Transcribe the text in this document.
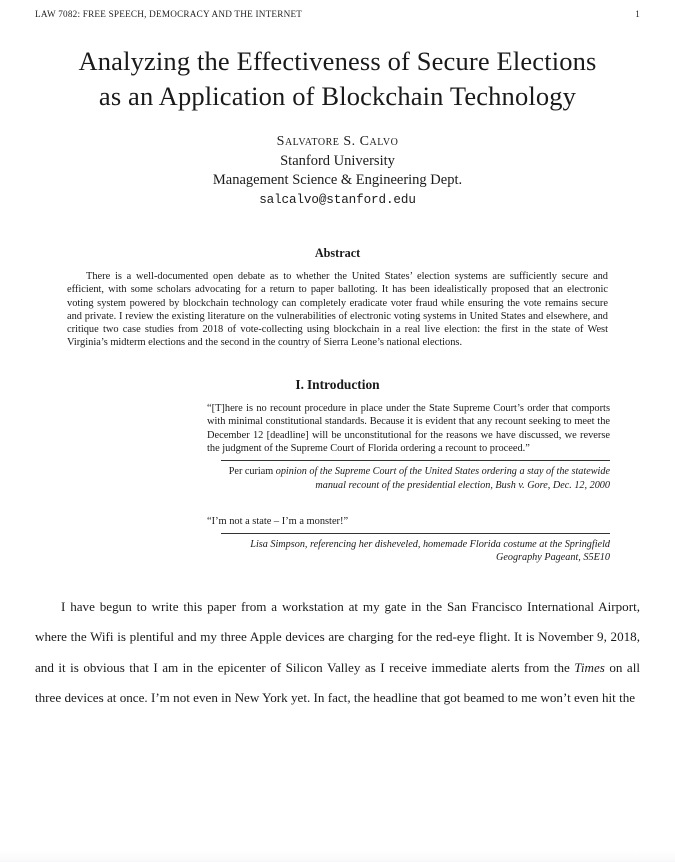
LAW 7082: FREE SPEECH, DEMOCRACY AND THE INTERNET	1
Analyzing the Effectiveness of Secure Elections
as an Application of Blockchain Technology
Salvatore S. Calvo
Stanford University
Management Science & Engineering Dept.
salcalvo@stanford.edu
Abstract
There is a well-documented open debate as to whether the United States’ election systems are sufficiently secure and efficient, with some scholars advocating for a return to paper balloting. It has been idealistically proposed that an electronic voting system powered by blockchain technology can completely eradicate voter fraud while ensuring the vote remains secure and private. I review the existing literature on the vulnerabilities of electronic voting systems in United States and elsewhere, and critique two case studies from 2018 of vote-collecting using blockchain in a real live election: the first in the state of West Virginia’s midterm elections and the second in the country of Sierra Leone’s national elections.
I. Introduction
“[T]here is no recount procedure in place under the State Supreme Court’s order that comports with minimal constitutional standards. Because it is evident that any recount seeking to meet the December 12 [deadline] will be unconstitutional for the reasons we have discussed, we reverse the judgment of the Supreme Court of Florida ordering a recount to proceed.”
Per curiam opinion of the Supreme Court of the United States ordering a stay of the statewide manual recount of the presidential election, Bush v. Gore, Dec. 12, 2000
“I’m not a state – I’m a monster!”
Lisa Simpson, referencing her disheveled, homemade Florida costume at the Springfield Geography Pageant, S5E10
I have begun to write this paper from a workstation at my gate in the San Francisco International Airport, where the Wifi is plentiful and my three Apple devices are charging for the red-eye flight. It is November 9, 2018, and it is obvious that I am in the epicenter of Silicon Valley as I receive immediate alerts from the Times on all three devices at once. I’m not even in New York yet. In fact, the headline that got beamed to me won’t even hit the
